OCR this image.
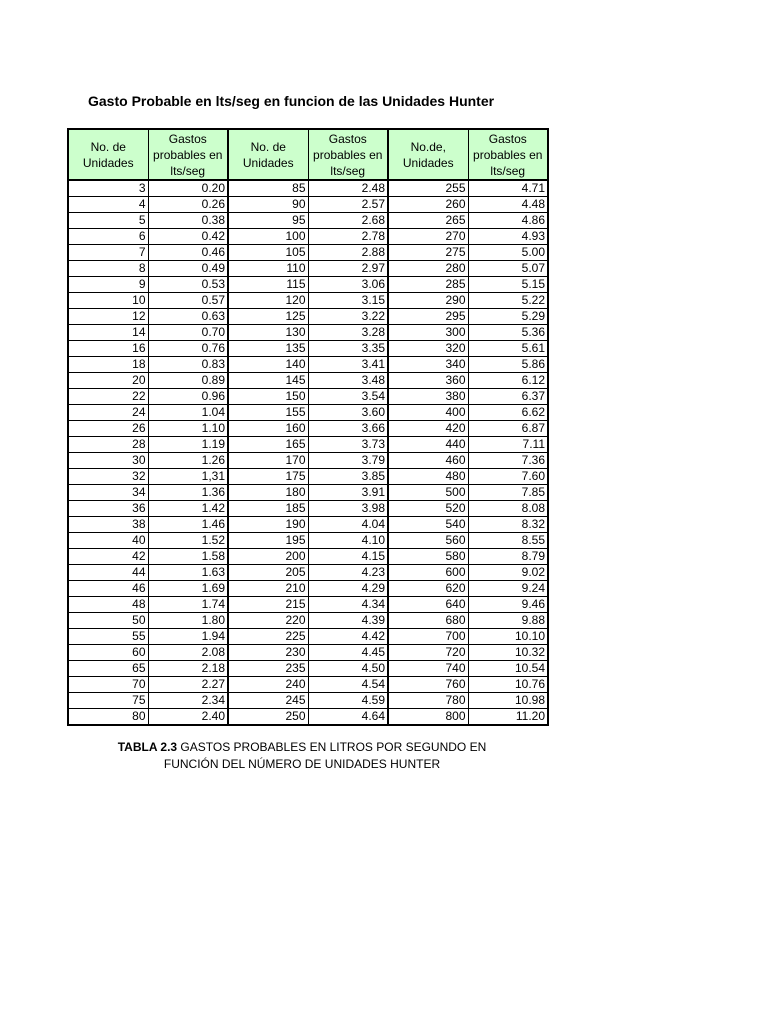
Gasto Probable en lts/seg en funcion de las Unidades Hunter
No. de Unidades	Gastos probables en lts/seg	No. de Unidades	Gastos probables en lts/seg	No.de, Unidades	Gastos probables en lts/seg
3	0.20	85	2.48	255	4.71
4	0.26	90	2.57	260	4.48
5	0.38	95	2.68	265	4.86
6	0.42	100	2.78	270	4.93
7	0.46	105	2.88	275	5.00
8	0.49	110	2.97	280	5.07
9	0.53	115	3.06	285	5.15
10	0.57	120	3.15	290	5.22
12	0.63	125	3.22	295	5.29
14	0.70	130	3.28	300	5.36
16	0.76	135	3.35	320	5.61
18	0.83	140	3.41	340	5.86
20	0.89	145	3.48	360	6.12
22	0.96	150	3.54	380	6.37
24	1.04	155	3.60	400	6.62
26	1.10	160	3.66	420	6.87
28	1.19	165	3.73	440	7.11
30	1.26	170	3.79	460	7.36
32	1,31	175	3.85	480	7.60
34	1.36	180	3.91	500	7.85
36	1.42	185	3.98	520	8.08
38	1.46	190	4.04	540	8.32
40	1.52	195	4.10	560	8.55
42	1.58	200	4.15	580	8.79
44	1.63	205	4.23	600	9.02
46	1.69	210	4.29	620	9.24
48	1.74	215	4.34	640	9.46
50	1.80	220	4.39	680	9.88
55	1.94	225	4.42	700	10.10
60	2.08	230	4.45	720	10.32
65	2.18	235	4.50	740	10.54
70	2.27	240	4.54	760	10.76
75	2.34	245	4.59	780	10.98
80	2.40	250	4.64	800	11.20
TABLA 2.3 GASTOS PROBABLES EN LITROS POR SEGUNDO EN
FUNCIÓN DEL NÚMERO DE UNIDADES HUNTER
